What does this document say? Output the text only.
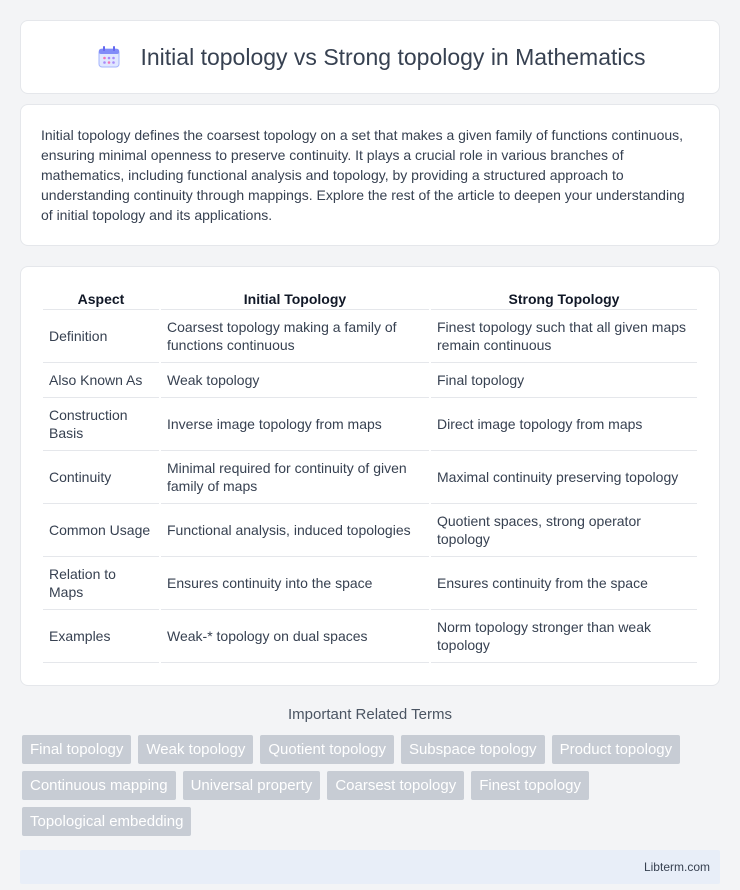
Initial topology vs Strong topology in Mathematics

Initial topology defines the coarsest topology on a set that makes a given family of functions continuous, ensuring minimal openness to preserve continuity. It plays a crucial role in various branches of mathematics, including functional analysis and topology, by providing a structured approach to understanding continuity through mappings. Explore the rest of the article to deepen your understanding of initial topology and its applications.

Aspect	Initial Topology	Strong Topology
Definition	Coarsest topology making a family of functions continuous	Finest topology such that all given maps remain continuous
Also Known As	Weak topology	Final topology
Construction Basis	Inverse image topology from maps	Direct image topology from maps
Continuity	Minimal required for continuity of given family of maps	Maximal continuity preserving topology
Common Usage	Functional analysis, induced topologies	Quotient spaces, strong operator topology
Relation to Maps	Ensures continuity into the space	Ensures continuity from the space
Examples	Weak-* topology on dual spaces	Norm topology stronger than weak topology
Important Related Terms
Final topology	Weak topology	Quotient topology	Subspace topology	Product topology
Continuous mapping	Universal property	Coarsest topology	Finest topology
Topological embedding
Libterm.com
